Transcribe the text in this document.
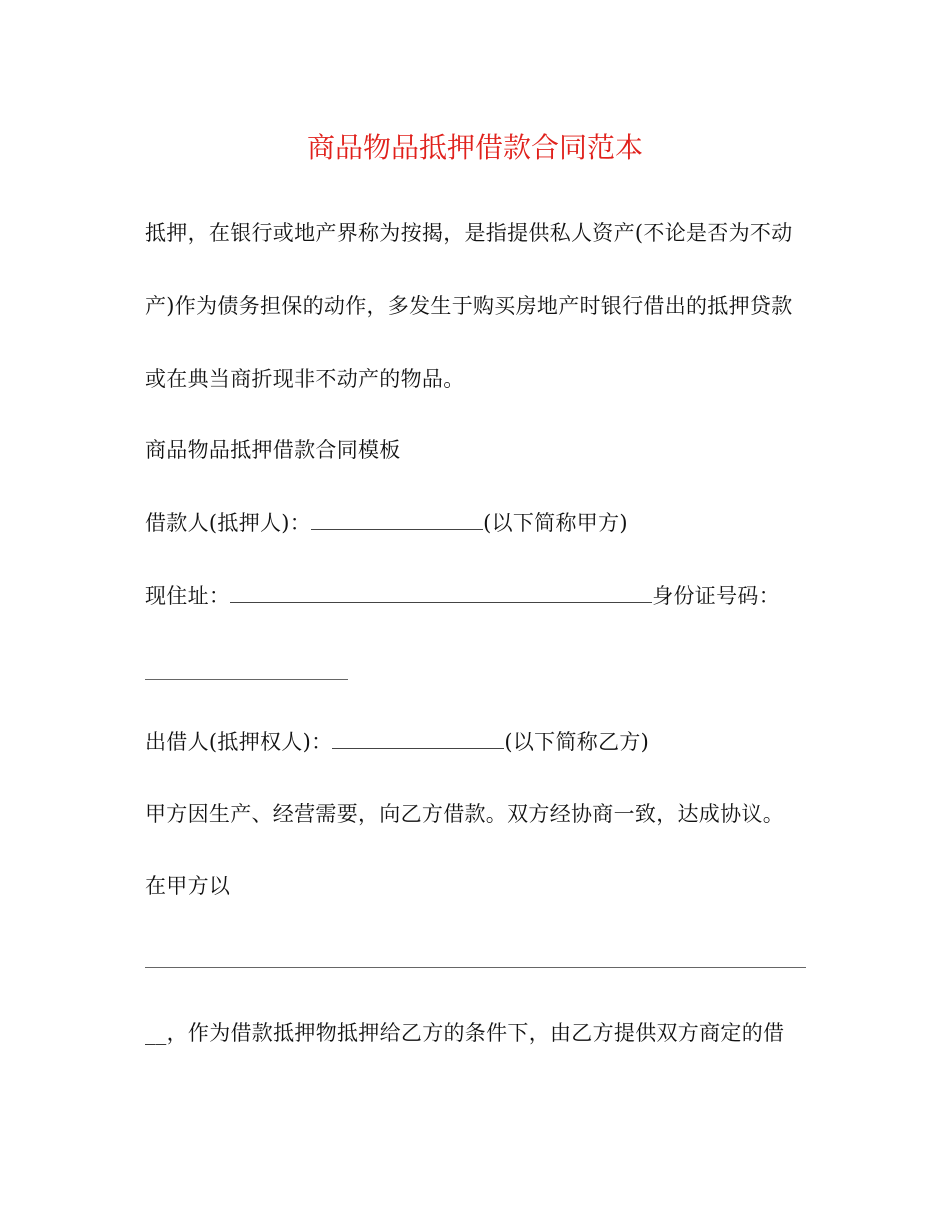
商品物品抵押借款合同范本
抵押，在银行或地产界称为按揭，是指提供私人资产(不论是否为不动
产)作为债务担保的动作，多发生于购买房地产时银行借出的抵押贷款
或在典当商折现非不动产的物品。
商品物品抵押借款合同模板
借款人(抵押人)：	(以下简称甲方)
现住址：	身份证号码：
出借人(抵押权人)：	(以下简称乙方)
甲方因生产、经营需要，向乙方借款。双方经协商一致，达成协议。
在甲方以
__，作为借款抵押物抵押给乙方的条件下，由乙方提供双方商定的借
